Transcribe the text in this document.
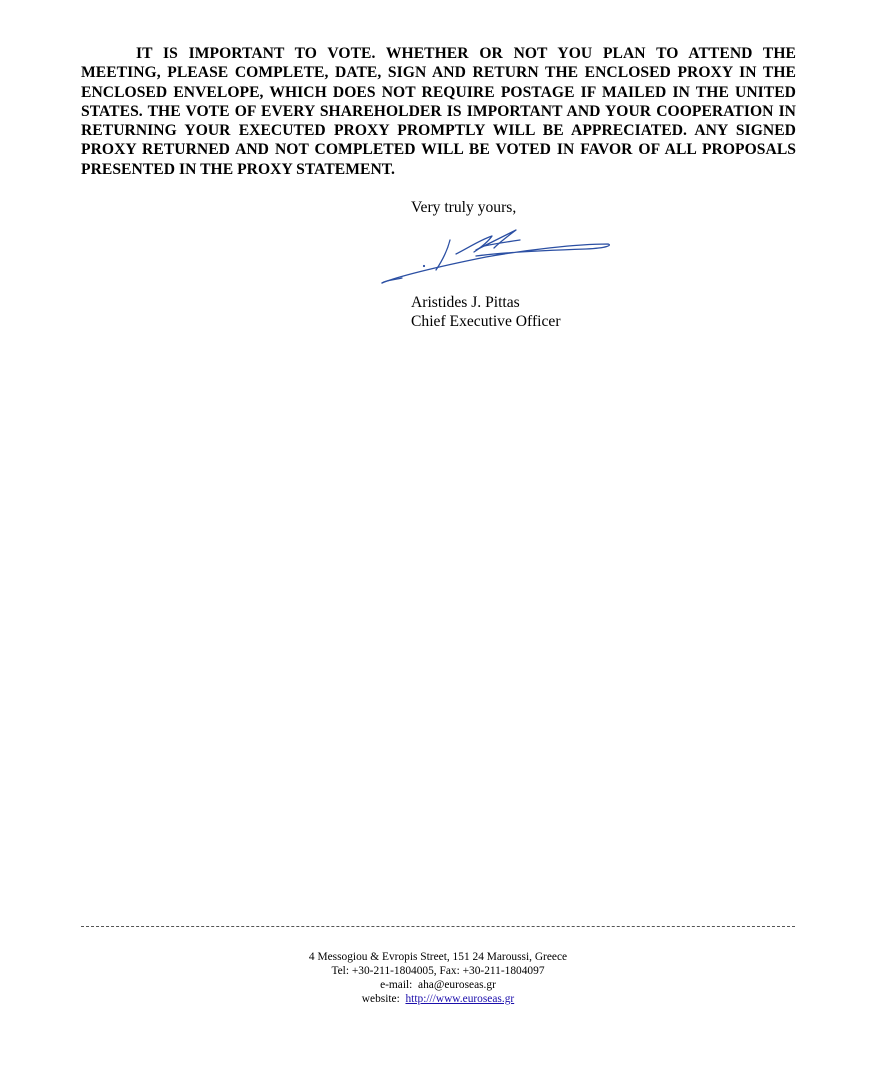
IT IS IMPORTANT TO VOTE. WHETHER OR NOT YOU PLAN TO ATTEND THE MEETING, PLEASE COMPLETE, DATE, SIGN AND RETURN THE ENCLOSED PROXY IN THE ENCLOSED ENVELOPE, WHICH DOES NOT REQUIRE POSTAGE IF MAILED IN THE UNITED STATES. THE VOTE OF EVERY SHAREHOLDER IS IMPORTANT AND YOUR COOPERATION IN RETURNING YOUR EXECUTED PROXY PROMPTLY WILL BE APPRECIATED. ANY SIGNED PROXY RETURNED AND NOT COMPLETED WILL BE VOTED IN FAVOR OF ALL PROPOSALS PRESENTED IN THE PROXY STATEMENT.

Very truly yours,
Aristides J. Pittas
Chief Executive Officer
4 Messogiou & Evropis Street, 151 24 Maroussi, Greece
Tel: +30-211-1804005, Fax: +30-211-1804097
e-mail: aha@euroseas.gr
website: http:///www.euroseas.gr
